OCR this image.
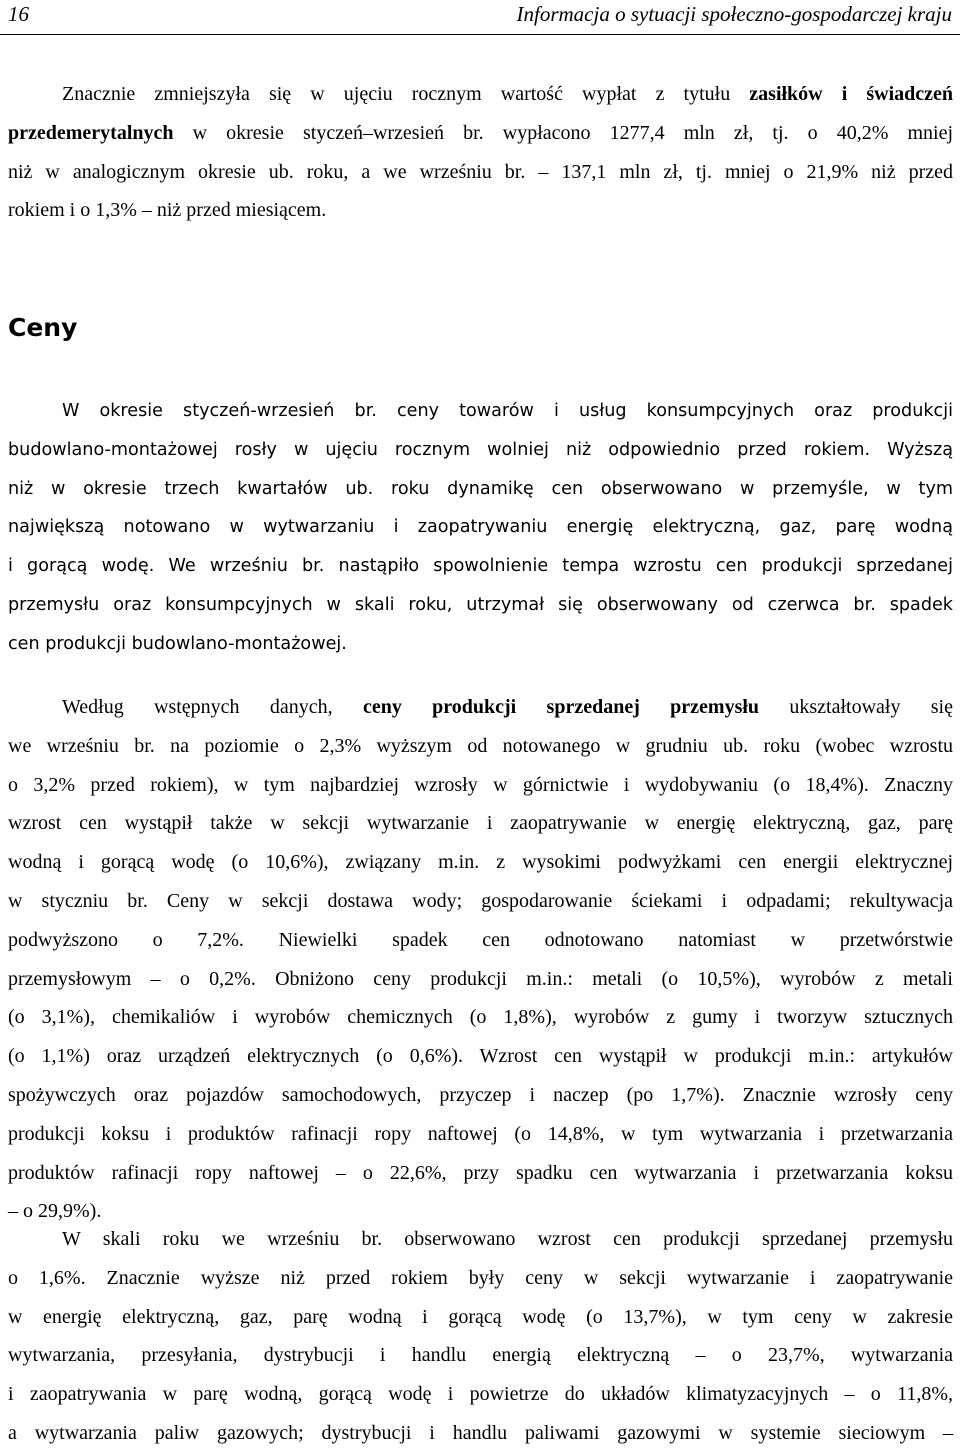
16	Informacja o sytuacji społeczno-gospodarczej kraju
Znacznie zmniejszyła się w ujęciu rocznym wartość wypłat z tytułu zasiłków i świadczeń
przedemerytalnych w okresie styczeń–wrzesień br. wypłacono 1277,4 mln zł, tj. o 40,2% mniej
niż w analogicznym okresie ub. roku, a we wrześniu br. – 137,1 mln zł, tj. mniej o 21,9% niż przed
rokiem i o 1,3% – niż przed miesiącem.
Ceny
W okresie styczeń-wrzesień br. ceny towarów i usług konsumpcyjnych oraz produkcji
budowlano-montażowej rosły w ujęciu rocznym wolniej niż odpowiednio przed rokiem. Wyższą
niż w okresie trzech kwartałów ub. roku dynamikę cen obserwowano w przemyśle, w tym
największą notowano w wytwarzaniu i zaopatrywaniu energię elektryczną, gaz, parę wodną
i gorącą wodę. We wrześniu br. nastąpiło spowolnienie tempa wzrostu cen produkcji sprzedanej
przemysłu oraz konsumpcyjnych w skali roku, utrzymał się obserwowany od czerwca br. spadek
cen produkcji budowlano-montażowej.
Według wstępnych danych, ceny produkcji sprzedanej przemysłu ukształtowały się
we wrześniu br. na poziomie o 2,3% wyższym od notowanego w grudniu ub. roku (wobec wzrostu
o 3,2% przed rokiem), w tym najbardziej wzrosły w górnictwie i wydobywaniu (o 18,4%). Znaczny
wzrost cen wystąpił także w sekcji wytwarzanie i zaopatrywanie w energię elektryczną, gaz, parę
wodną i gorącą wodę (o 10,6%), związany m.in. z wysokimi podwyżkami cen energii elektrycznej
w styczniu br. Ceny w sekcji dostawa wody; gospodarowanie ściekami i odpadami; rekultywacja
podwyższono o 7,2%. Niewielki spadek cen odnotowano natomiast w przetwórstwie
przemysłowym – o 0,2%. Obniżono ceny produkcji m.in.: metali (o 10,5%), wyrobów z metali
(o 3,1%), chemikaliów i wyrobów chemicznych (o 1,8%), wyrobów z gumy i tworzyw sztucznych
(o 1,1%) oraz urządzeń elektrycznych (o 0,6%). Wzrost cen wystąpił w produkcji m.in.: artykułów
spożywczych oraz pojazdów samochodowych, przyczep i naczep (po 1,7%). Znacznie wzrosły ceny
produkcji koksu i produktów rafinacji ropy naftowej (o 14,8%, w tym wytwarzania i przetwarzania
produktów rafinacji ropy naftowej – o 22,6%, przy spadku cen wytwarzania i przetwarzania koksu
– o 29,9%).
W skali roku we wrześniu br. obserwowano wzrost cen produkcji sprzedanej przemysłu
o 1,6%. Znacznie wyższe niż przed rokiem były ceny w sekcji wytwarzanie i zaopatrywanie
w energię elektryczną, gaz, parę wodną i gorącą wodę (o 13,7%), w tym ceny w zakresie
wytwarzania, przesyłania, dystrybucji i handlu energią elektryczną – o 23,7%, wytwarzania
i zaopatrywania w parę wodną, gorącą wodę i powietrze do układów klimatyzacyjnych – o 11,8%,
a wytwarzania paliw gazowych; dystrybucji i handlu paliwami gazowymi w systemie sieciowym –
